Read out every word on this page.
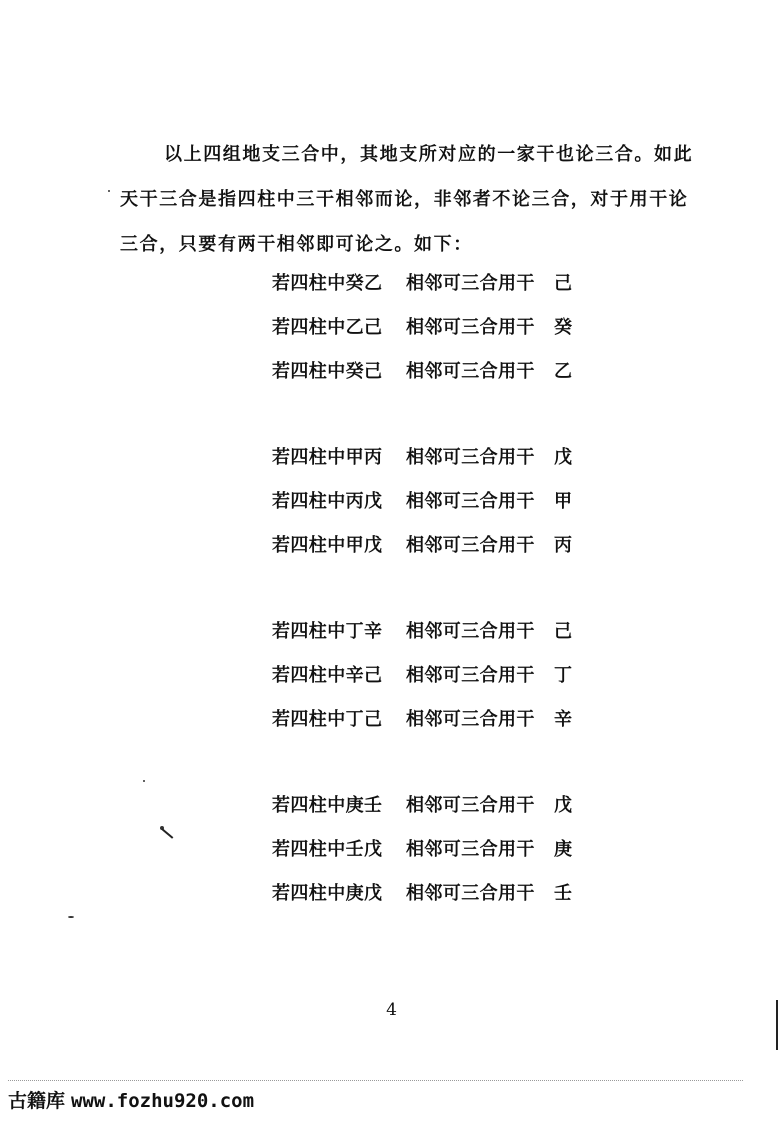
以上四组地支三合中，其地支所对应的一家干也论三合。如此
天干三合是指四柱中三干相邻而论，非邻者不论三合，对于用干论
三合，只要有两干相邻即可论之。如下：
若四柱中癸乙	相邻可三合用干	己
若四柱中乙己	相邻可三合用干	癸
若四柱中癸己	相邻可三合用干	乙
若四柱中甲丙	相邻可三合用干	戊
若四柱中丙戊	相邻可三合用干	甲
若四柱中甲戊	相邻可三合用干	丙
若四柱中丁辛	相邻可三合用干	己
若四柱中辛己	相邻可三合用干	丁
若四柱中丁己	相邻可三合用干	辛
若四柱中庚壬	相邻可三合用干	戊
若四柱中壬戊	相邻可三合用干	庚
若四柱中庚戊	相邻可三合用干	壬
4
古籍库 www.fozhu920.com
